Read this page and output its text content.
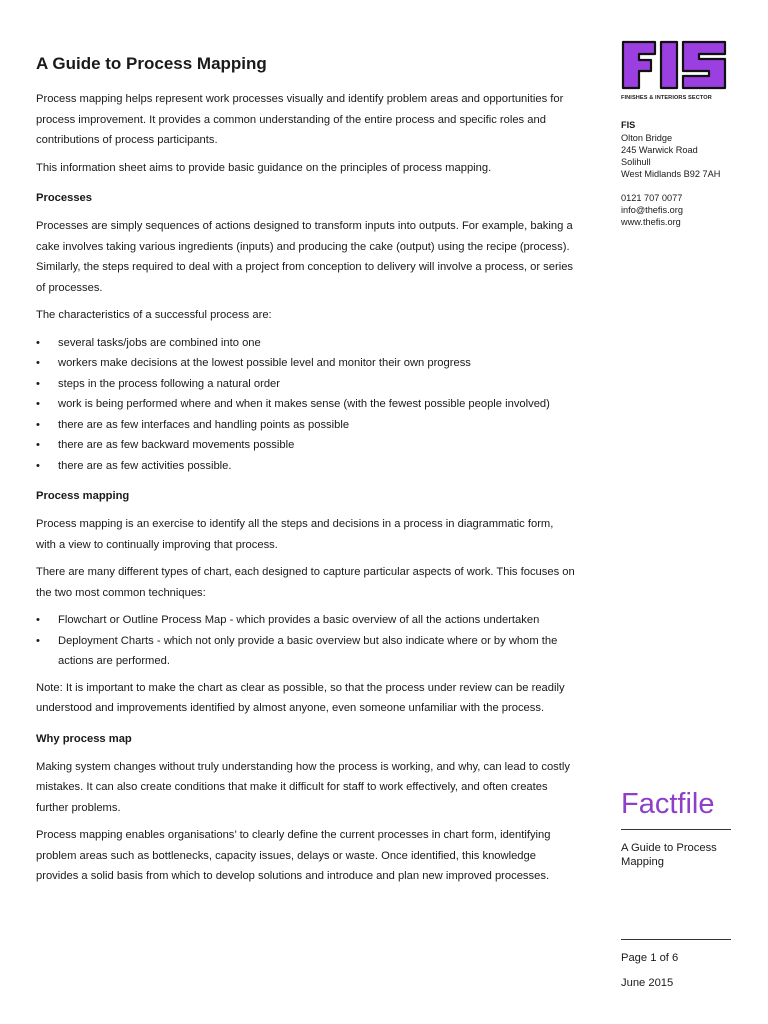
A Guide to Process Mapping

Process mapping helps represent work processes visually and identify problem areas and opportunities for process improvement. It provides a common understanding of the entire process and specific roles and contributions of process participants.

This information sheet aims to provide basic guidance on the principles of process mapping.

Processes

Processes are simply sequences of actions designed to transform inputs into outputs. For example, baking a cake involves taking various ingredients (inputs) and producing the cake (output) using the recipe (process). Similarly, the steps required to deal with a project from conception to delivery will involve a process, or series of processes.

The characteristics of a successful process are:

• several tasks/jobs are combined into one
• workers make decisions at the lowest possible level and monitor their own progress
• steps in the process following a natural order
• work is being performed where and when it makes sense (with the fewest possible people involved)
• there are as few interfaces and handling points as possible
• there are as few backward movements possible
• there are as few activities possible.
Process mapping

Process mapping is an exercise to identify all the steps and decisions in a process in diagrammatic form, with a view to continually improving that process.

There are many different types of chart, each designed to capture particular aspects of work. This focuses on the two most common techniques:

• Flowchart or Outline Process Map - which provides a basic overview of all the actions undertaken
• Deployment Charts - which not only provide a basic overview but also indicate where or by whom the actions are performed.

Note: It is important to make the chart as clear as possible, so that the process under review can be readily understood and improvements identified by almost anyone, even someone unfamiliar with the process.

Why process map

Making system changes without truly understanding how the process is working, and why, can lead to costly mistakes. It can also create conditions that make it difficult for staff to work effectively, and often creates further problems.

Process mapping enables organisations’ to clearly define the current processes in chart form, identifying problem areas such as bottlenecks, capacity issues, delays or waste. Once identified, this knowledge provides a solid basis from which to develop solutions and introduce and plan new improved processes.

FINISHES & INTERIORS SECTOR
FIS
Olton Bridge
245 Warwick Road
Solihull
West Midlands B92 7AH
0121 707 0077
info@thefis.org
www.thefis.org
Factfile
A Guide to Process Mapping
Page 1 of 6
June 2015
